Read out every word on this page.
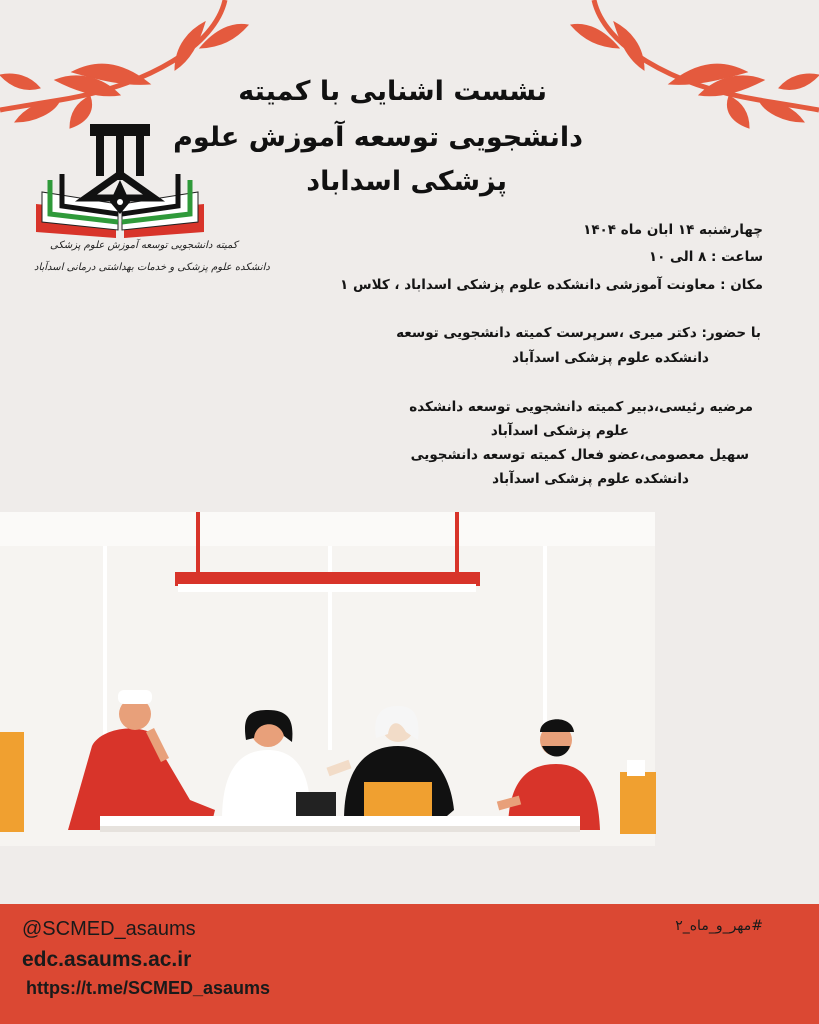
نشست اشنایی با کمیته
دانشجویی توسعه آموزش علوم
پزشکی اسداباد
کمیته دانشجویی توسعه آموزش علوم پزشکی
دانشکده علوم پزشکی و خدمات بهداشتی درمانی اسدآباد
چهارشنبه ۱۴ ابان ماه ۱۴۰۴
ساعت : ۸ الی ۱۰
مکان : معاونت آموزشی دانشکده علوم پزشکی اسداباد ، کلاس ۱
با حضور: دکتر میری ،سرپرست کمیته دانشجویی توسعه
دانشکده علوم پزشکی اسدآباد
مرضیه رئیسی،دبیر کمیته دانشجویی توسعه دانشکده
علوم پزشکی اسدآباد
سهیل معصومی،عضو فعال کمیته توسعه دانشجویی
دانشکده علوم پزشکی اسدآباد
@SCMED_asaums
edc.asaums.ac.ir
https://t.me/SCMED_asaums
#مهر_و_ماه_۲
